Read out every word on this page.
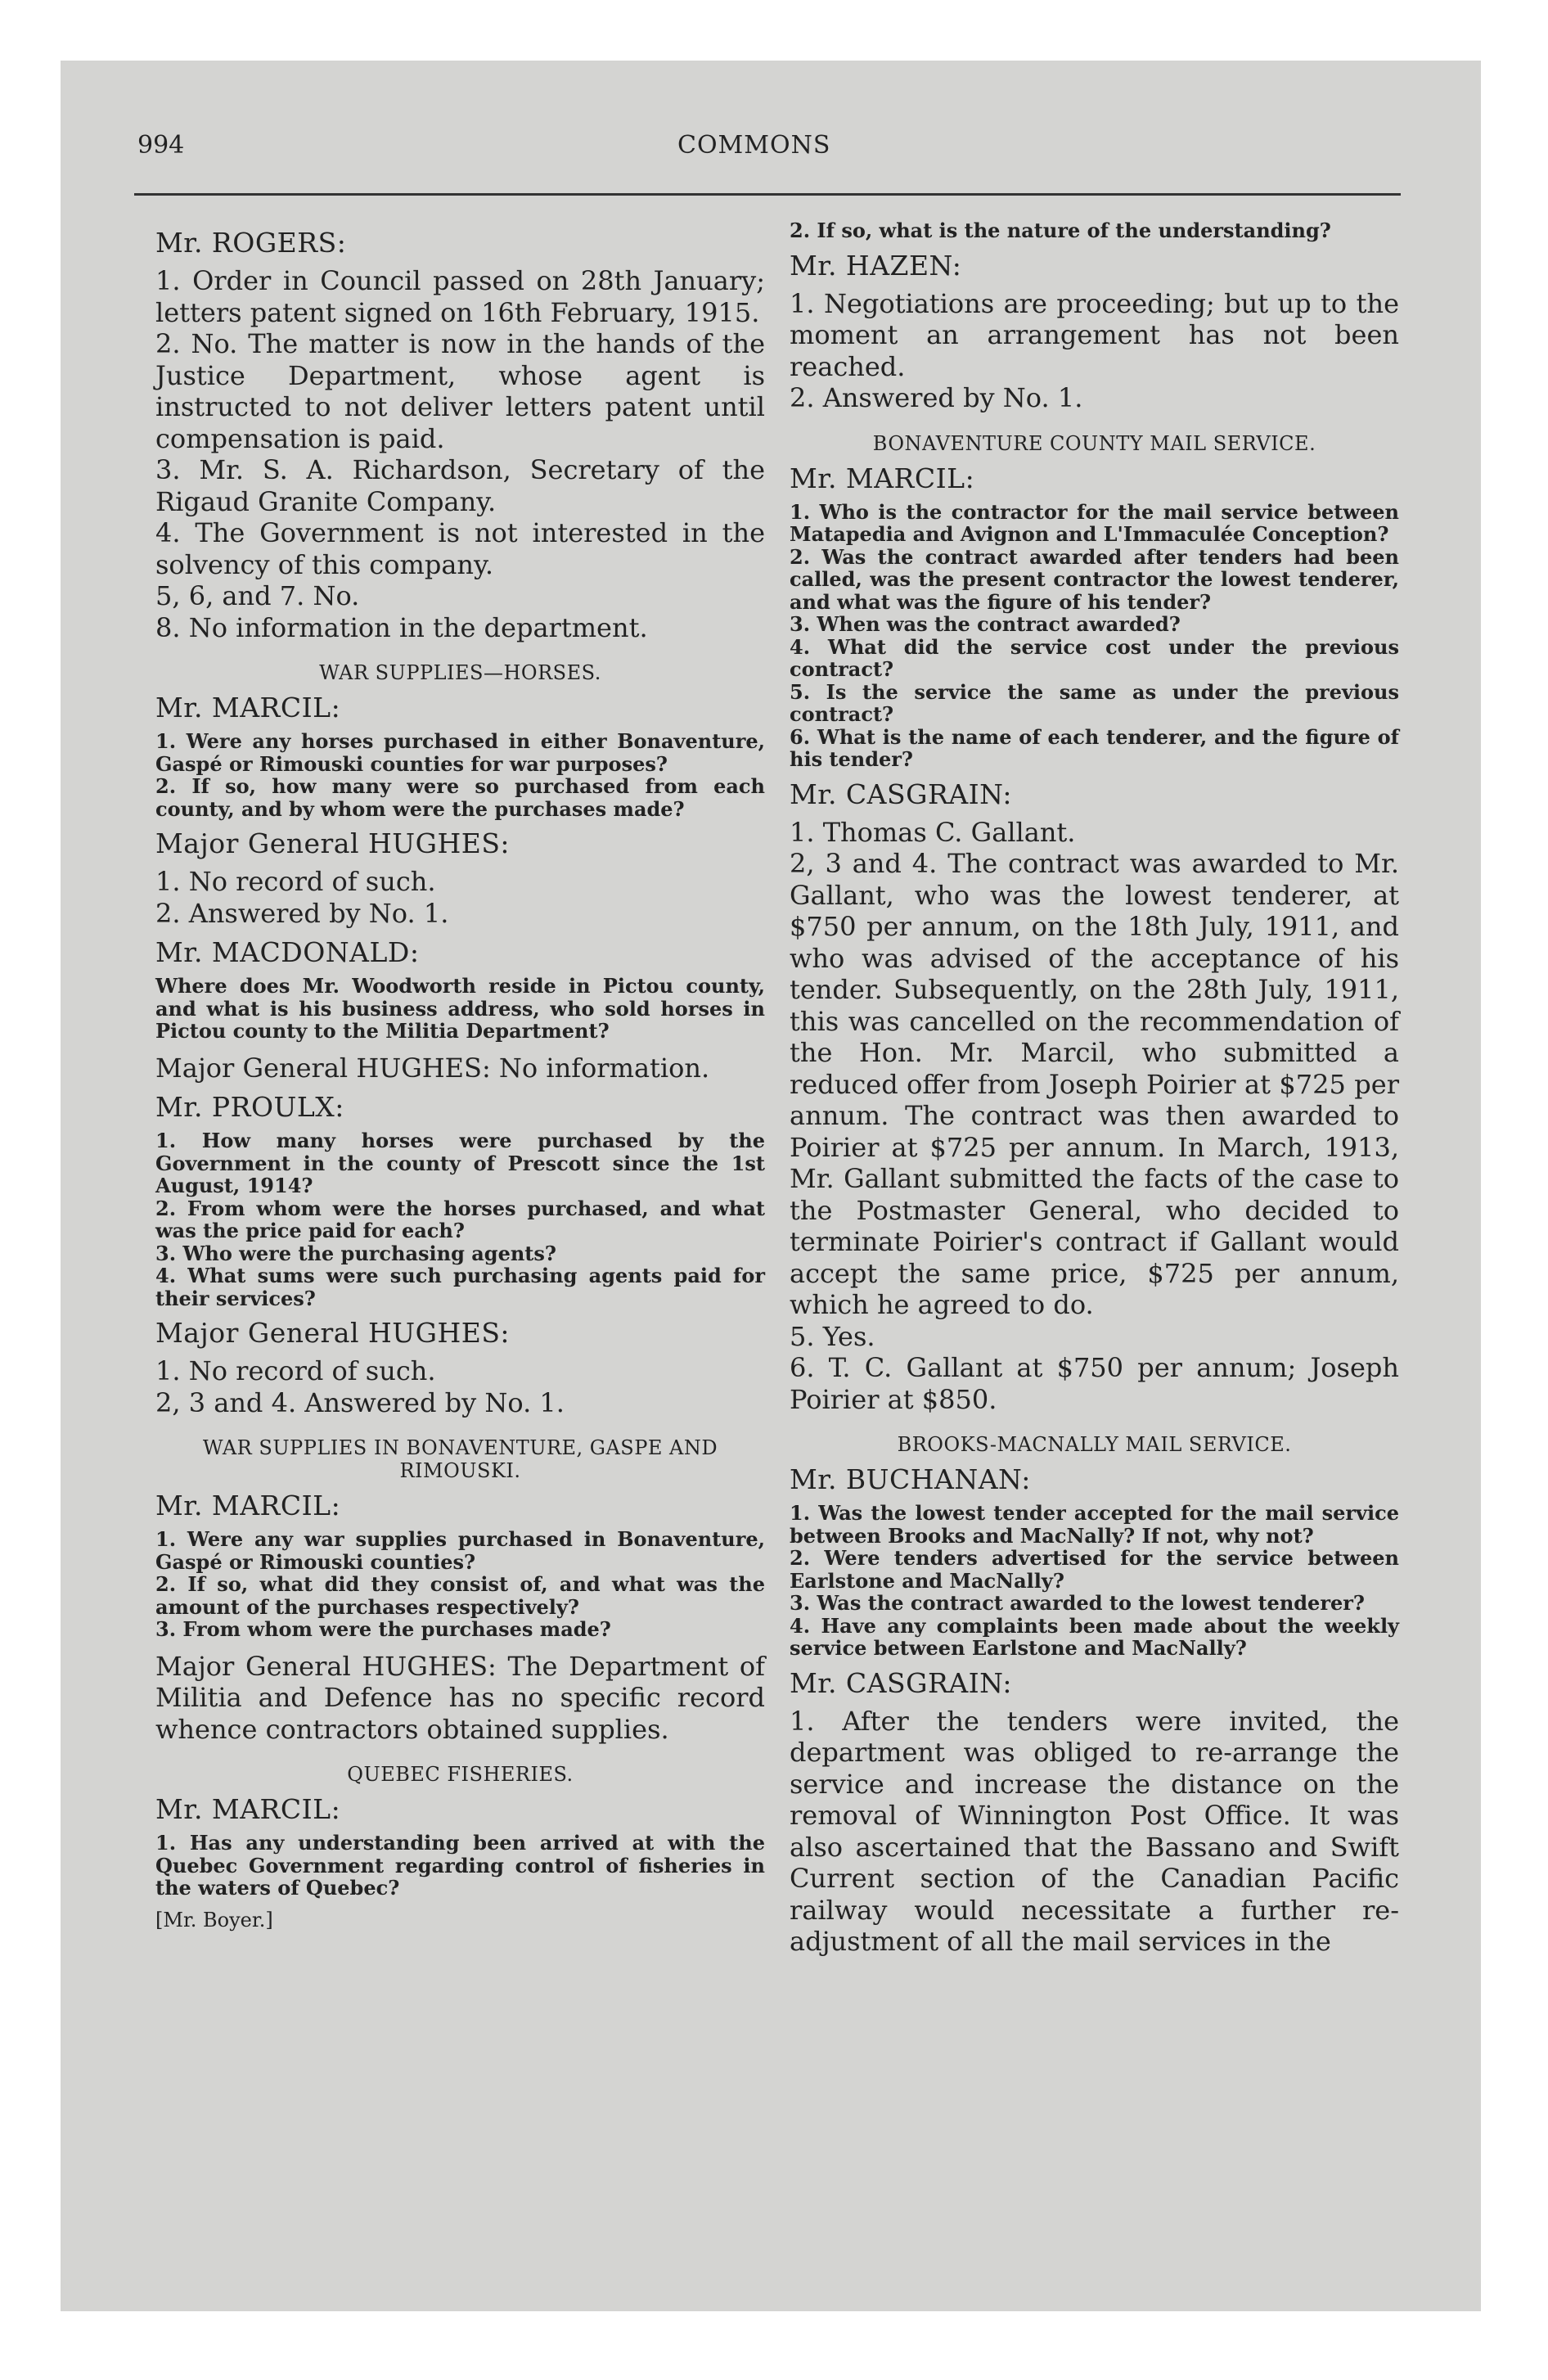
994	COMMONS

Mr. ROGERS:

1. Order in Council passed on 28th January; letters patent signed on 16th February, 1915.

2. No. The matter is now in the hands of the Justice Department, whose agent is instructed to not deliver letters patent until compensation is paid.

3. Mr. S. A. Richardson, Secretary of the Rigaud Granite Company.

4. The Government is not interested in the solvency of this company.

5, 6, and 7. No.

8. No information in the department.

WAR SUPPLIES—HORSES.

Mr. MARCIL:

1. Were any horses purchased in either Bonaventure, Gaspé or Rimouski counties for war purposes?

2. If so, how many were so purchased from each county, and by whom were the purchases made?

Major General HUGHES:

1. No record of such.

2. Answered by No. 1.

Mr. MACDONALD:

Where does Mr. Woodworth reside in Pictou county, and what is his business address, who sold horses in Pictou county to the Militia Department?

Major General HUGHES: No information.

Mr. PROULX:

1. How many horses were purchased by the Government in the county of Prescott since the 1st August, 1914?

2. From whom were the horses purchased, and what was the price paid for each?

3. Who were the purchasing agents?

4. What sums were such purchasing agents paid for their services?

Major General HUGHES:

1. No record of such.

2, 3 and 4. Answered by No. 1.

WAR SUPPLIES IN BONAVENTURE, GASPE AND RIMOUSKI.

Mr. MARCIL:

1. Were any war supplies purchased in Bonaventure, Gaspé or Rimouski counties?

2. If so, what did they consist of, and what was the amount of the purchases respectively?

3. From whom were the purchases made?

Major General HUGHES: The Department of Militia and Defence has no specific record whence contractors obtained supplies.

QUEBEC FISHERIES.

Mr. MARCIL:

1. Has any understanding been arrived at with the Quebec Government regarding control of fisheries in the waters of Quebec?

[Mr. Boyer.]

2. If so, what is the nature of the understanding?

Mr. HAZEN:

1. Negotiations are proceeding; but up to the moment an arrangement has not been reached.

2. Answered by No. 1.

BONAVENTURE COUNTY MAIL SERVICE.

Mr. MARCIL:

1. Who is the contractor for the mail service between Matapedia and Avignon and L'Immaculée Conception?

2. Was the contract awarded after tenders had been called, was the present contractor the lowest tenderer, and what was the figure of his tender?

3. When was the contract awarded?

4. What did the service cost under the previous contract?

5. Is the service the same as under the previous contract?

6. What is the name of each tenderer, and the figure of his tender?

Mr. CASGRAIN:

1. Thomas C. Gallant.

2, 3 and 4. The contract was awarded to Mr. Gallant, who was the lowest tenderer, at $750 per annum, on the 18th July, 1911, and who was advised of the acceptance of his tender. Subsequently, on the 28th July, 1911, this was cancelled on the recommendation of the Hon. Mr. Marcil, who submitted a reduced offer from Joseph Poirier at $725 per annum. The contract was then awarded to Poirier at $725 per annum. In March, 1913, Mr. Gallant submitted the facts of the case to the Postmaster General, who decided to terminate Poirier's contract if Gallant would accept the same price, $725 per annum, which he agreed to do.

5. Yes.

6. T. C. Gallant at $750 per annum; Joseph Poirier at $850.

BROOKS-MACNALLY MAIL SERVICE.

Mr. BUCHANAN:

1. Was the lowest tender accepted for the mail service between Brooks and MacNally? If not, why not?

2. Were tenders advertised for the service between Earlstone and MacNally?

3. Was the contract awarded to the lowest tenderer?

4. Have any complaints been made about the weekly service between Earlstone and MacNally?

Mr. CASGRAIN:

1. After the tenders were invited, the department was obliged to re-arrange the service and increase the distance on the removal of Winnington Post Office. It was also ascertained that the Bassano and Swift Current section of the Canadian Pacific railway would necessitate a further re-adjustment of all the mail services in the
